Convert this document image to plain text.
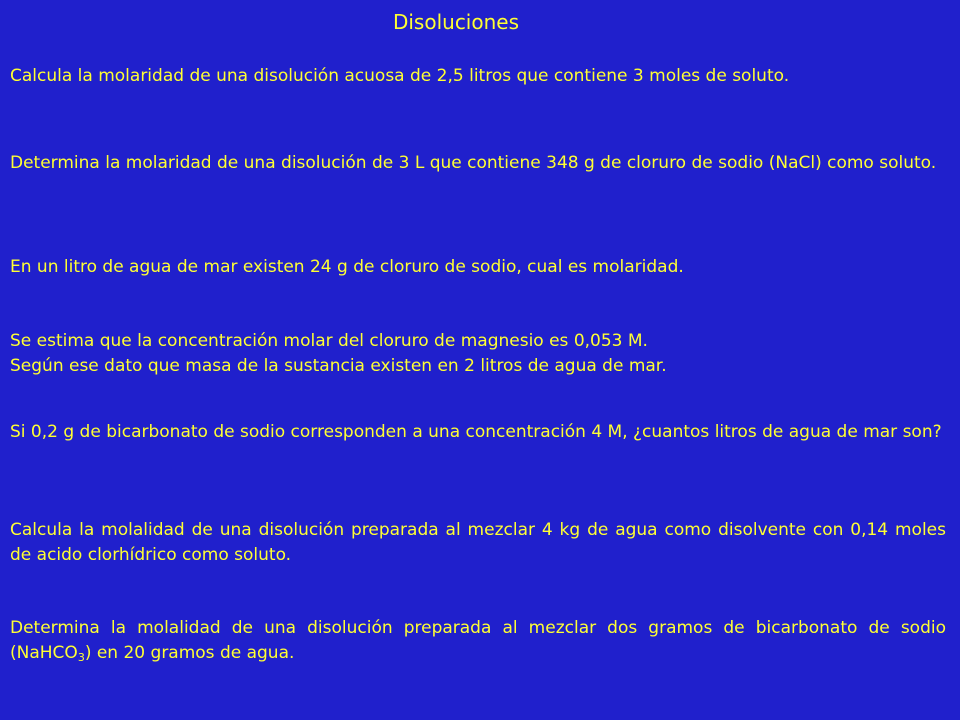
Disoluciones

Calcula la molaridad de una disolución acuosa de 2,5 litros que contiene 3 moles de soluto.

Determina la molaridad de una disolución de 3 L que contiene 348 g de cloruro de sodio (NaCl) como soluto.

En un litro de agua de mar existen 24 g de cloruro de sodio, cual es molaridad.

Se estima que la concentración molar del cloruro de magnesio es 0,053 M.
Según ese dato que masa de la sustancia existen en 2 litros de agua de mar.

Si 0,2 g de bicarbonato de sodio corresponden a una concentración 4 M, ¿cuantos litros de agua de mar son?

Calcula la molalidad de una disolución preparada al mezclar 4 kg de agua como disolvente con 0,14 moles de acido clorhídrico como soluto.

Determina la molalidad de una disolución preparada al mezclar dos gramos de bicarbonato de sodio (NaHCO$_3$) en 20 gramos de agua.
